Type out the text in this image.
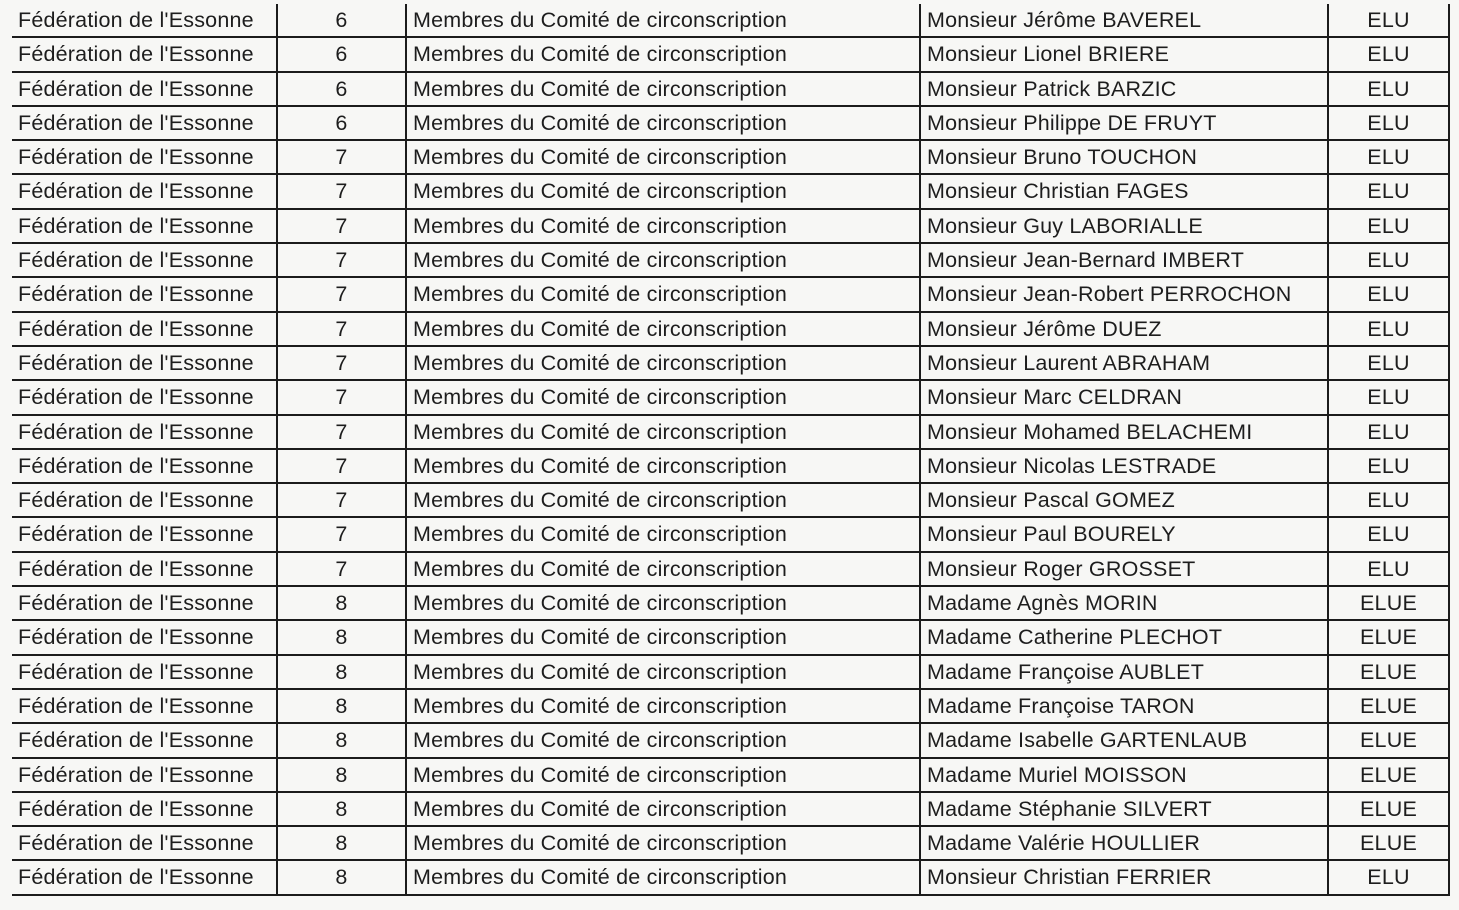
Fédération de l'Essonne	6	Membres du Comité de circonscription	Monsieur Jérôme BAVEREL	ELU
Fédération de l'Essonne	6	Membres du Comité de circonscription	Monsieur Lionel BRIERE	ELU
Fédération de l'Essonne	6	Membres du Comité de circonscription	Monsieur Patrick BARZIC	ELU
Fédération de l'Essonne	6	Membres du Comité de circonscription	Monsieur Philippe DE FRUYT	ELU
Fédération de l'Essonne	7	Membres du Comité de circonscription	Monsieur Bruno TOUCHON	ELU
Fédération de l'Essonne	7	Membres du Comité de circonscription	Monsieur Christian FAGES	ELU
Fédération de l'Essonne	7	Membres du Comité de circonscription	Monsieur Guy LABORIALLE	ELU
Fédération de l'Essonne	7	Membres du Comité de circonscription	Monsieur Jean-Bernard IMBERT	ELU
Fédération de l'Essonne	7	Membres du Comité de circonscription	Monsieur Jean-Robert PERROCHON	ELU
Fédération de l'Essonne	7	Membres du Comité de circonscription	Monsieur Jérôme DUEZ	ELU
Fédération de l'Essonne	7	Membres du Comité de circonscription	Monsieur Laurent ABRAHAM	ELU
Fédération de l'Essonne	7	Membres du Comité de circonscription	Monsieur Marc CELDRAN	ELU
Fédération de l'Essonne	7	Membres du Comité de circonscription	Monsieur Mohamed BELACHEMI	ELU
Fédération de l'Essonne	7	Membres du Comité de circonscription	Monsieur Nicolas LESTRADE	ELU
Fédération de l'Essonne	7	Membres du Comité de circonscription	Monsieur Pascal GOMEZ	ELU
Fédération de l'Essonne	7	Membres du Comité de circonscription	Monsieur Paul BOURELY	ELU
Fédération de l'Essonne	7	Membres du Comité de circonscription	Monsieur Roger GROSSET	ELU
Fédération de l'Essonne	8	Membres du Comité de circonscription	Madame Agnès MORIN	ELUE
Fédération de l'Essonne	8	Membres du Comité de circonscription	Madame Catherine PLECHOT	ELUE
Fédération de l'Essonne	8	Membres du Comité de circonscription	Madame Françoise AUBLET	ELUE
Fédération de l'Essonne	8	Membres du Comité de circonscription	Madame Françoise TARON	ELUE
Fédération de l'Essonne	8	Membres du Comité de circonscription	Madame Isabelle GARTENLAUB	ELUE
Fédération de l'Essonne	8	Membres du Comité de circonscription	Madame Muriel MOISSON	ELUE
Fédération de l'Essonne	8	Membres du Comité de circonscription	Madame Stéphanie SILVERT	ELUE
Fédération de l'Essonne	8	Membres du Comité de circonscription	Madame Valérie HOULLIER	ELUE
Fédération de l'Essonne	8	Membres du Comité de circonscription	Monsieur Christian FERRIER	ELU
